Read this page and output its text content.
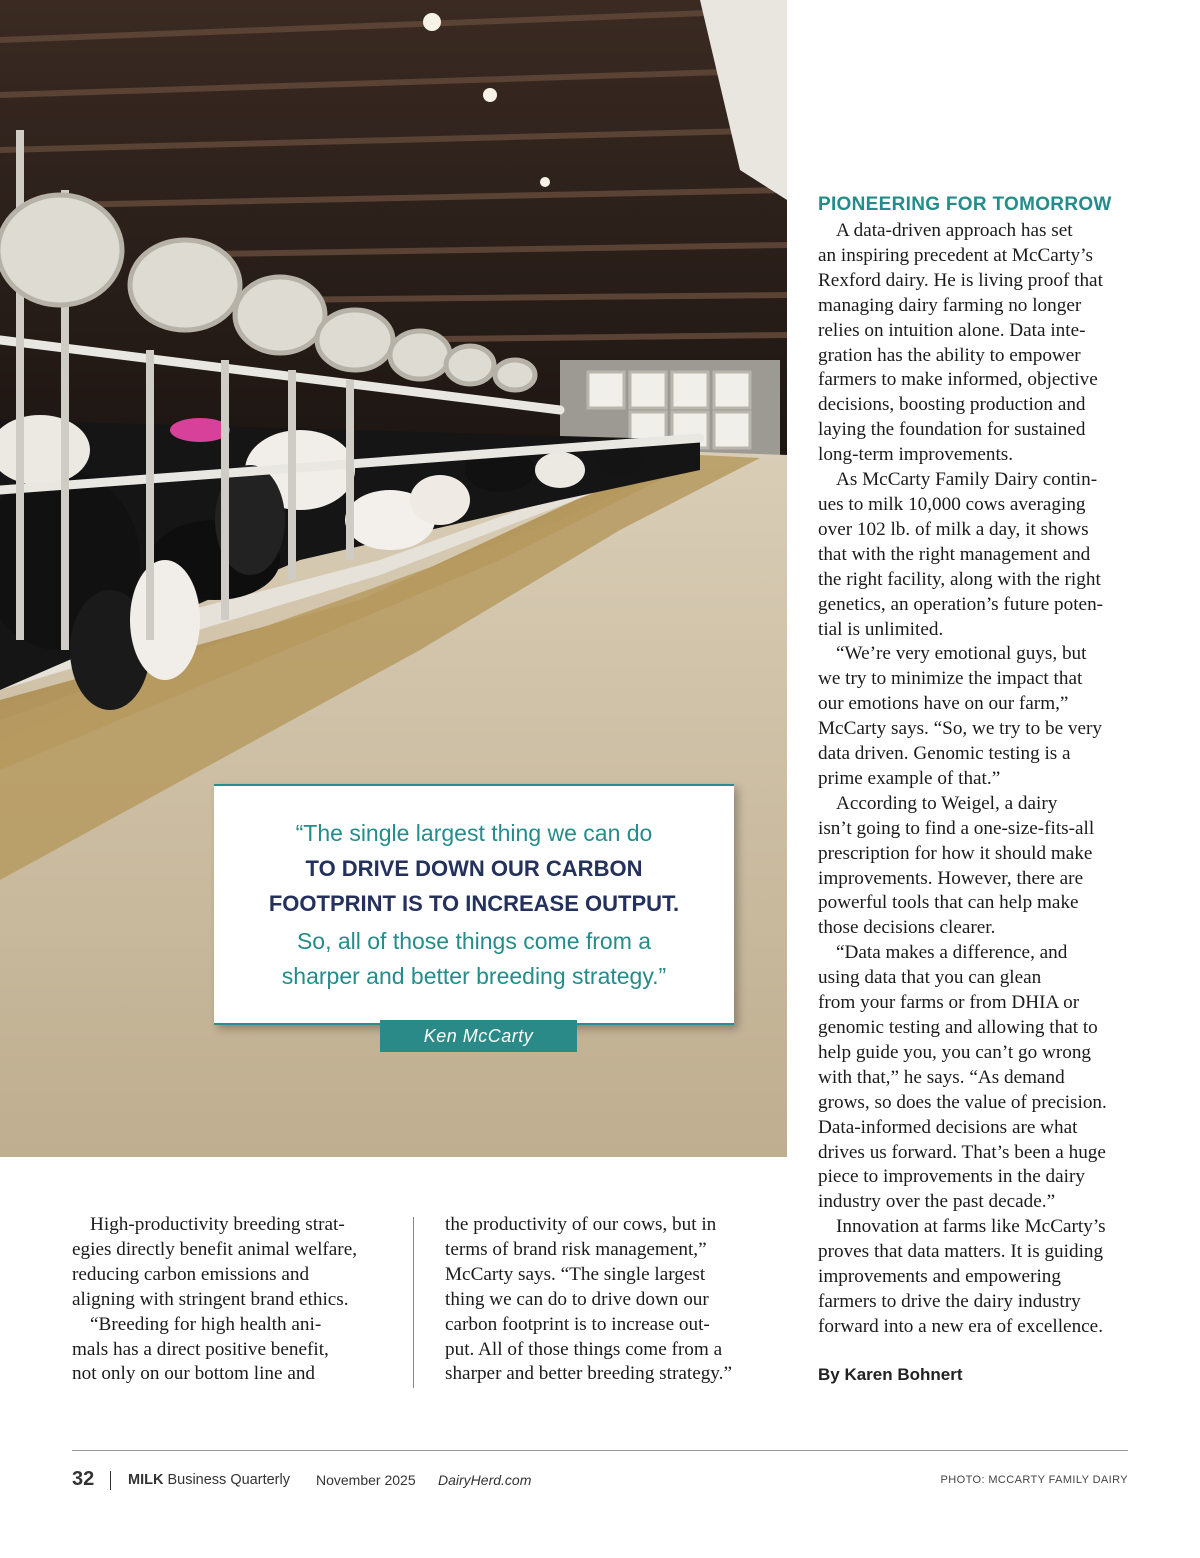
“The single largest thing we can do
TO DRIVE DOWN OUR CARBON
FOOTPRINT IS TO INCREASE OUTPUT.
So, all of those things come from a
sharper and better breeding strategy.”
Ken McCarty
High-productivity breeding strat-
egies directly benefit animal welfare,
reducing carbon emissions and
aligning with stringent brand ethics.
“Breeding for high health ani-
mals has a direct positive benefit,
not only on our bottom line and
the productivity of our cows, but in
terms of brand risk management,”
McCarty says. “The single largest
thing we can do to drive down our
carbon footprint is to increase out-
put. All of those things come from a
sharper and better breeding strategy.”
PIONEERING FOR TOMORROW
A data-driven approach has set
an inspiring precedent at McCarty’s
Rexford dairy. He is living proof that
managing dairy farming no longer
relies on intuition alone. Data inte-
gration has the ability to empower
farmers to make informed, objective
decisions, boosting production and
laying the foundation for sustained
long-term improvements.
As McCarty Family Dairy contin-
ues to milk 10,000 cows averaging
over 102 lb. of milk a day, it shows
that with the right management and
the right facility, along with the right
genetics, an operation’s future poten-
tial is unlimited.
“We’re very emotional guys, but
we try to minimize the impact that
our emotions have on our farm,”
McCarty says. “So, we try to be very
data driven. Genomic testing is a
prime example of that.”
According to Weigel, a dairy
isn’t going to find a one-size-fits-all
prescription for how it should make
improvements. However, there are
powerful tools that can help make
those decisions clearer.
“Data makes a difference, and
using data that you can glean
from your farms or from DHIA or
genomic testing and allowing that to
help guide you, you can’t go wrong
with that,” he says. “As demand
grows, so does the value of precision.
Data-informed decisions are what
drives us forward. That’s been a huge
piece to improvements in the dairy
industry over the past decade.”
Innovation at farms like McCarty’s
proves that data matters. It is guiding
improvements and empowering
farmers to drive the dairy industry
forward into a new era of excellence.
By Karen Bohnert
32 MILK Business Quarterly November 2025 DairyHerd.com	PHOTO: MCCARTY FAMILY DAIRY
